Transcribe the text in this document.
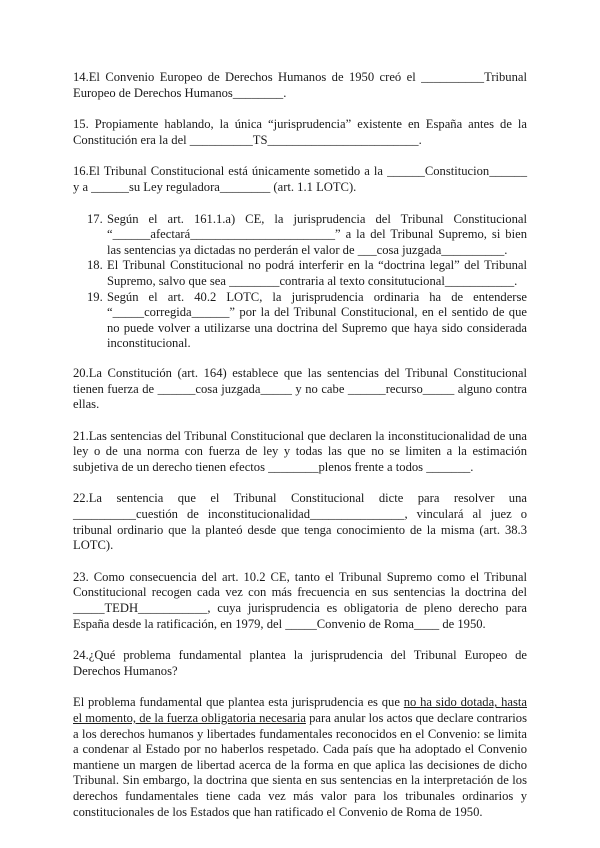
14.El Convenio Europeo de Derechos Humanos de 1950 creó el __________Tribunal Europeo de Derechos Humanos________.

15. Propiamente hablando, la única “jurisprudencia” existente en España antes de la Constitución era la del __________TS________________________.

16.El Tribunal Constitucional está únicamente sometido a la ______Constitucion______ y a ______su Ley reguladora________ (art. 1.1 LOTC).

17. Según el art. 161.1.a) CE, la jurisprudencia del Tribunal Constitucional “______afectará_______________________” a la del Tribunal Supremo, si bien las sentencias ya dictadas no perderán el valor de ___cosa juzgada__________.
18. El Tribunal Constitucional no podrá interferir en la “doctrina legal” del Tribunal Supremo, salvo que sea ________contraria al texto consitutucional___________.
19. Según el art. 40.2 LOTC, la jurisprudencia ordinaria ha de entenderse “_____corregida______” por la del Tribunal Constitucional, en el sentido de que no puede volver a utilizarse una doctrina del Supremo que haya sido considerada inconstitucional.

20.La Constitución (art. 164) establece que las sentencias del Tribunal Constitucional tienen fuerza de ______cosa juzgada_____ y no cabe ______recurso_____ alguno contra ellas.

21.Las sentencias del Tribunal Constitucional que declaren la inconstitucionalidad de una ley o de una norma con fuerza de ley y todas las que no se limiten a la estimación subjetiva de un derecho tienen efectos ________plenos frente a todos _______.

22.La sentencia que el Tribunal Constitucional dicte para resolver una __________cuestión de inconstitucionalidad_______________, vinculará al juez o tribunal ordinario que la planteó desde que tenga conocimiento de la misma (art. 38.3 LOTC).

23. Como consecuencia del art. 10.2 CE, tanto el Tribunal Supremo como el Tribunal Constitucional recogen cada vez con más frecuencia en sus sentencias la doctrina del _____TEDH___________, cuya jurisprudencia es obligatoria de pleno derecho para España desde la ratificación, en 1979, del _____Convenio de Roma____ de 1950.

24.¿Qué problema fundamental plantea la jurisprudencia del Tribunal Europeo de Derechos Humanos?

El problema fundamental que plantea esta jurisprudencia es que no ha sido dotada, hasta el momento, de la fuerza obligatoria necesaria para anular los actos que declare contrarios a los derechos humanos y libertades fundamentales reconocidos en el Convenio: se limita a condenar al Estado por no haberlos respetado. Cada país que ha adoptado el Convenio mantiene un margen de libertad acerca de la forma en que aplica las decisiones de dicho Tribunal. Sin embargo, la doctrina que sienta en sus sentencias en la interpretación de los derechos fundamentales tiene cada vez más valor para los tribunales ordinarios y constitucionales de los Estados que han ratificado el Convenio de Roma de 1950.
